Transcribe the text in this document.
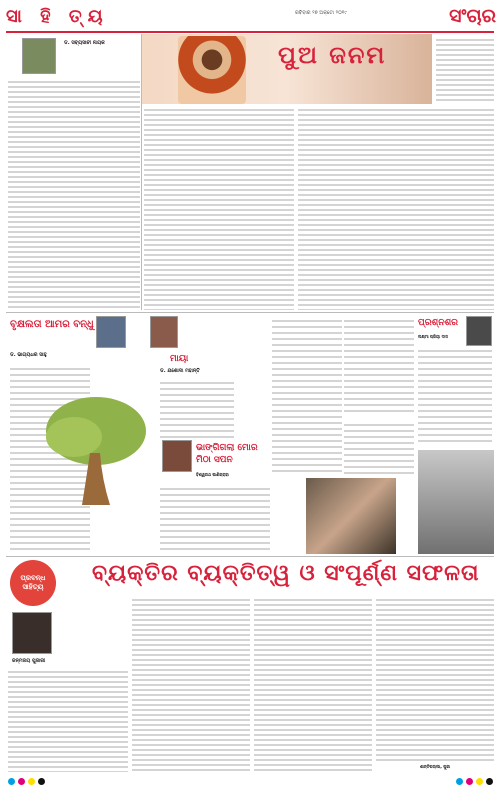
ସା ହି ତ୍ୟ	ରବିବାର ୨୭ ଅକ୍ଟୋ ୨୦୧୯	ସଂଚାର
ଡ. ସବ୍ୟସାଚୀ ନାୟକ	ପୁଅ ଜନମ
ବୃକ୍ଷଲତା ଆମର ବନ୍ଧୁ
ଡ. ଭାଗ୍ୟଧର ସାହୁ	ମାୟା
ଡ. ଯଶୋଦା ମହାନ୍ତି
ଭାଙ୍ଗିଗଲା ମୋର ମିଠା ସପନ
ବିଶ୍ୱନାଥ ପାଣିଗ୍ରାହୀ
ପ୍ରଶ୍ନଶର
ଲକ୍ଷ୍ମୀ ପ୍ରିୟା ଦାସ
ପ୍ରବନ୍ଧ ସାହିତ୍ୟ
ବ୍ୟକ୍ତିର ବ୍ୟକ୍ତିତ୍ୱ ଓ ସଂପୂର୍ଣ୍ଣ ସଫଳତା
ଜନ୍ମଜୟ ପୁଜାରୀ
ଶାନ୍ତିପଲ୍ଲୀ, ପୁରୀ
